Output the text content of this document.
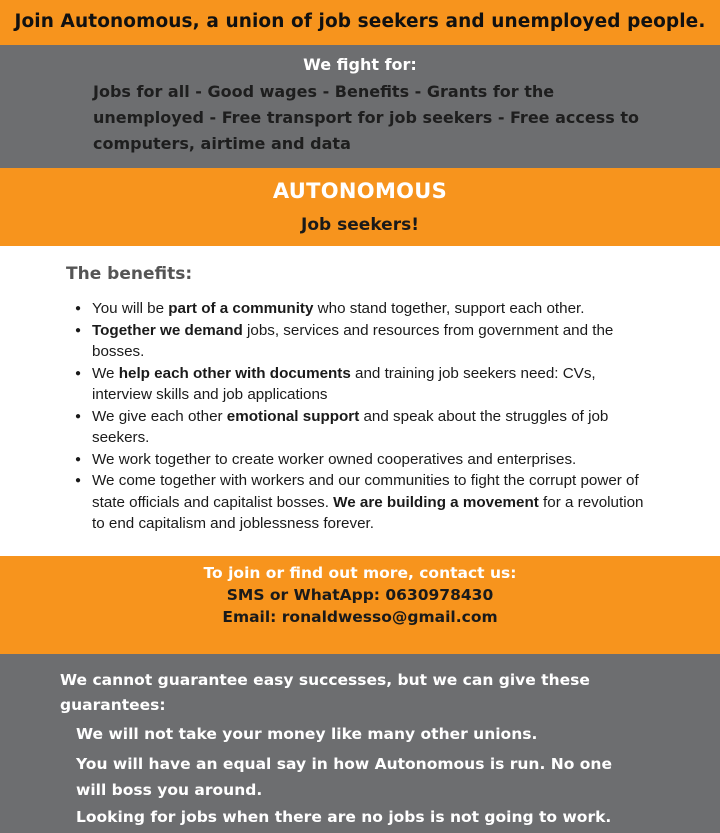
Join Autonomous, a union of job seekers and unemployed people.
We fight for:
Jobs for all - Good wages - Benefits - Grants for the unemployed - Free transport for job seekers - Free access to computers, airtime and data
AUTONOMOUS
Job seekers!
The benefits:
● You will be part of a community who stand together, support each other.
● Together we demand jobs, services and resources from government and the bosses.
● We help each other with documents and training job seekers need: CVs, interview skills and job applications
● We give each other emotional support and speak about the struggles of job seekers.
● We work together to create worker owned cooperatives and enterprises.
● We come together with workers and our communities to fight the corrupt power of state officials and capitalist bosses. We are building a movement for a revolution to end capitalism and joblessness forever.
To join or find out more, contact us:
SMS or WhatApp: 0630978430
Email: ronaldwesso@gmail.com
We cannot guarantee easy successes, but we can give these guarantees:
We will not take your money like many other unions.
You will have an equal say in how Autonomous is run. No one will boss you around.
Looking for jobs when there are no jobs is not going to work.
